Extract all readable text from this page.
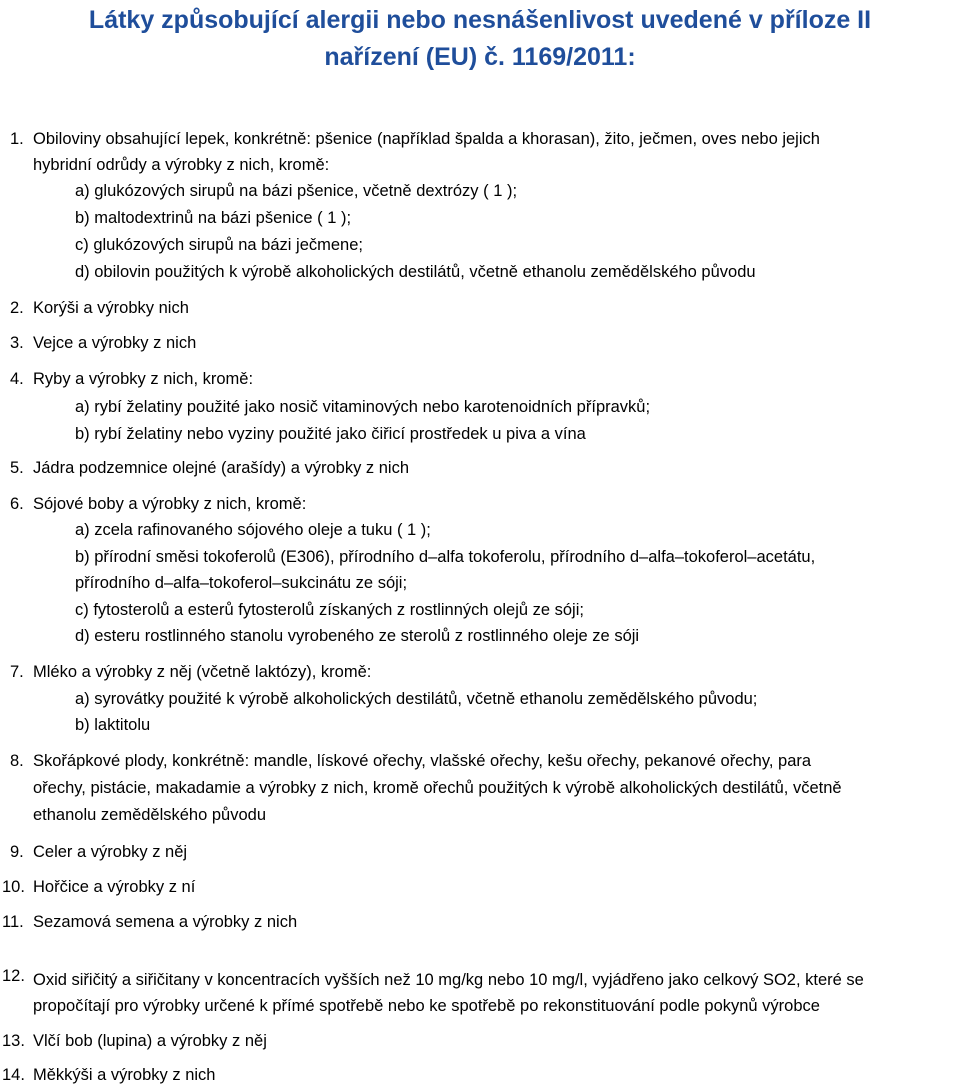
Látky způsobující alergii nebo nesnášenlivost uvedené v příloze II
nařízení (EU) č. 1169/2011:
1. Obiloviny obsahující lepek, konkrétně: pšenice (například špalda a khorasan), žito, ječmen, oves nebo jejich
hybridní odrůdy a výrobky z nich, kromě:
a) glukózových sirupů na bázi pšenice, včetně dextrózy ( 1 );
b) maltodextrinů na bázi pšenice ( 1 );
c) glukózových sirupů na bázi ječmene;
d) obilovin použitých k výrobě alkoholických destilátů, včetně ethanolu zemědělského původu
2. Korýši a výrobky nich
3. Vejce a výrobky z nich
4. Ryby a výrobky z nich, kromě:
a) rybí želatiny použité jako nosič vitaminových nebo karotenoidních přípravků;
b) rybí želatiny nebo vyziny použité jako čiřicí prostředek u piva a vína
5. Jádra podzemnice olejné (arašídy) a výrobky z nich
6. Sójové boby a výrobky z nich, kromě:
a) zcela rafinovaného sójového oleje a tuku ( 1 );
b) přírodní směsi tokoferolů (E306), přírodního d–alfa tokoferolu, přírodního d–alfa–tokoferol–acetátu,
přírodního d–alfa–tokoferol–sukcinátu ze sóji;
c) fytosterolů a esterů fytosterolů získaných z rostlinných olejů ze sóji;
d) esteru rostlinného stanolu vyrobeného ze sterolů z rostlinného oleje ze sóji
7. Mléko a výrobky z něj (včetně laktózy), kromě:
a) syrovátky použité k výrobě alkoholických destilátů, včetně ethanolu zemědělského původu;
b) laktitolu
8. Skořápkové plody, konkrétně: mandle, lískové ořechy, vlašské ořechy, kešu ořechy, pekanové ořechy, para
ořechy, pistácie, makadamie a výrobky z nich, kromě ořechů použitých k výrobě alkoholických destilátů, včetně
ethanolu zemědělského původu
9. Celer a výrobky z něj
10. Hořčice a výrobky z ní
11. Sezamová semena a výrobky z nich
12. Oxid siřičitý a siřičitany v koncentracích vyšších než 10 mg/kg nebo 10 mg/l, vyjádřeno jako celkový SO2, které se
propočítají pro výrobky určené k přímé spotřebě nebo ke spotřebě po rekonstituování podle pokynů výrobce
13. Vlčí bob (lupina) a výrobky z něj
14. Měkkýši a výrobky z nich
